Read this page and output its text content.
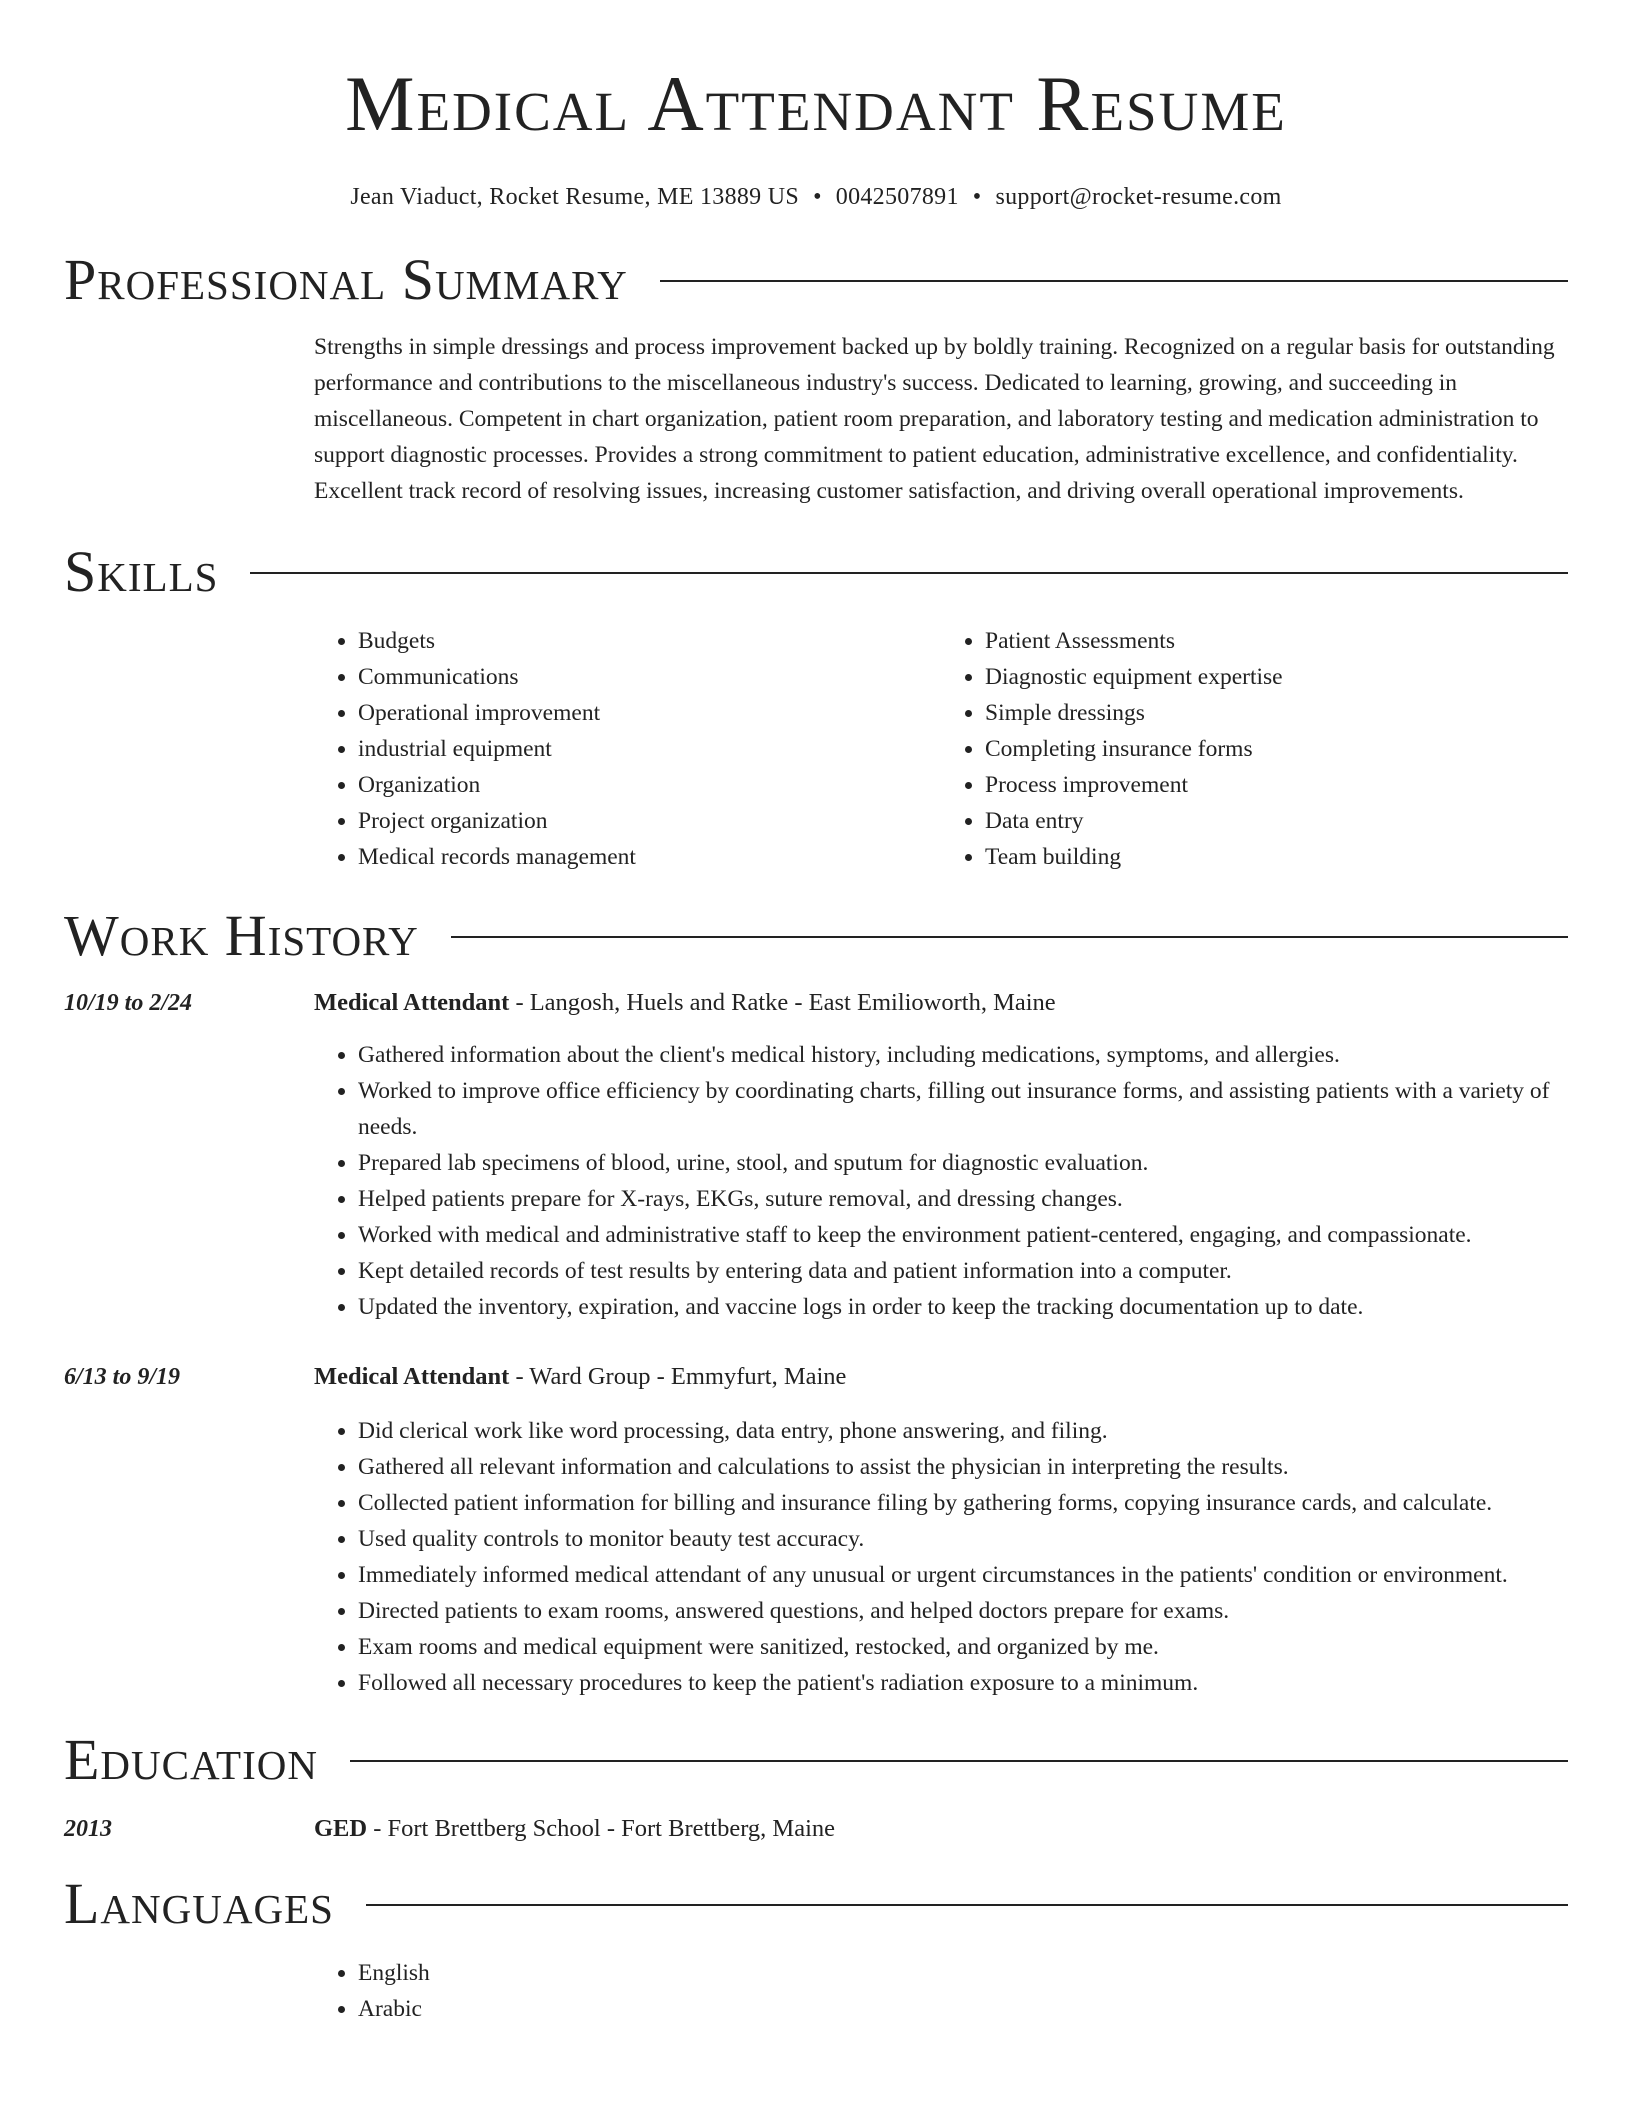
Medical Attendant Resume
Jean Viaduct, Rocket Resume, ME 13889 US • 0042507891 • support@rocket-resume.com
Professional Summary

Strengths in simple dressings and process improvement backed up by boldly training. Recognized on a regular basis for outstanding performance and contributions to the miscellaneous industry's success. Dedicated to learning, growing, and succeeding in miscellaneous. Competent in chart organization, patient room preparation, and laboratory testing and medication administration to support diagnostic processes. Provides a strong commitment to patient education, administrative excellence, and confidentiality. Excellent track record of resolving issues, increasing customer satisfaction, and driving overall operational improvements.

Skills
• Budgets
• Communications
• Operational improvement
• industrial equipment
• Organization
• Project organization
• Medical records management
• Patient Assessments
• Diagnostic equipment expertise
• Simple dressings
• Completing insurance forms
• Process improvement
• Data entry
• Team building
Work History
10/19 to 2/24	Medical Attendant - Langosh, Huels and Ratke - East Emilioworth, Maine
• Gathered information about the client's medical history, including medications, symptoms, and allergies.
• Worked to improve office efficiency by coordinating charts, filling out insurance forms, and assisting patients with a variety of needs.
• Prepared lab specimens of blood, urine, stool, and sputum for diagnostic evaluation.
• Helped patients prepare for X-rays, EKGs, suture removal, and dressing changes.
• Worked with medical and administrative staff to keep the environment patient-centered, engaging, and compassionate.
• Kept detailed records of test results by entering data and patient information into a computer.
• Updated the inventory, expiration, and vaccine logs in order to keep the tracking documentation up to date.
6/13 to 9/19	Medical Attendant - Ward Group - Emmyfurt, Maine
• Did clerical work like word processing, data entry, phone answering, and filing.
• Gathered all relevant information and calculations to assist the physician in interpreting the results.
• Collected patient information for billing and insurance filing by gathering forms, copying insurance cards, and calculate.
• Used quality controls to monitor beauty test accuracy.
• Immediately informed medical attendant of any unusual or urgent circumstances in the patients' condition or environment.
• Directed patients to exam rooms, answered questions, and helped doctors prepare for exams.
• Exam rooms and medical equipment were sanitized, restocked, and organized by me.
• Followed all necessary procedures to keep the patient's radiation exposure to a minimum.
Education
2013	GED - Fort Brettberg School - Fort Brettberg, Maine
Languages
• English
• Arabic
